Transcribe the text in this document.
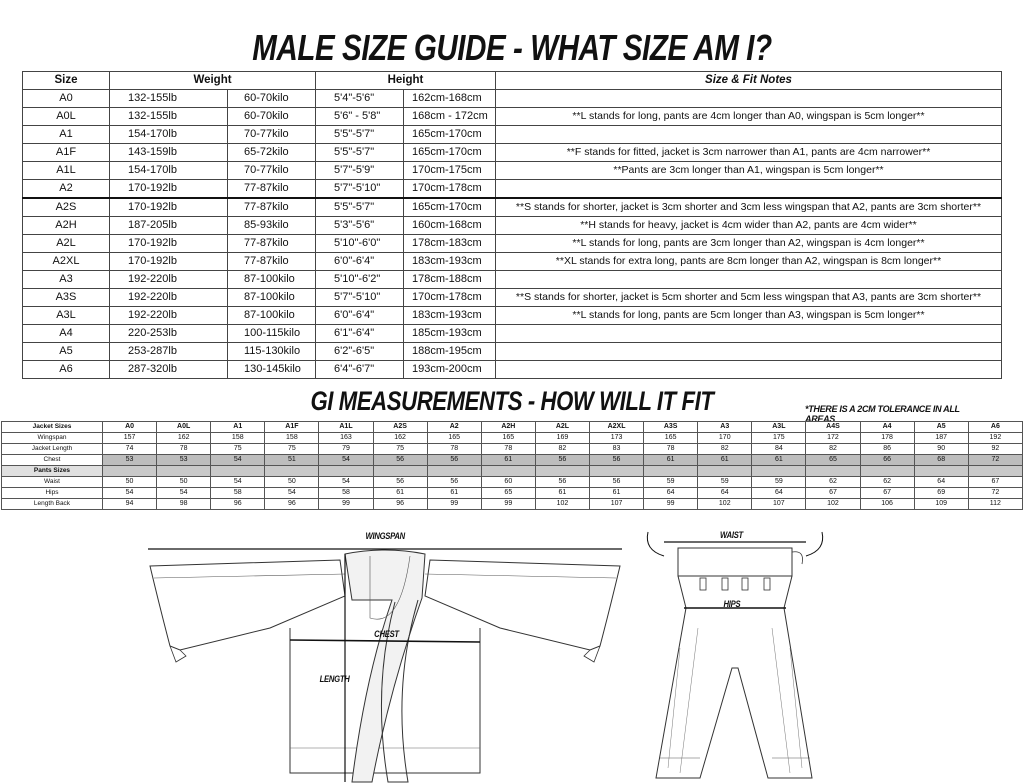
MALE SIZE GUIDE - WHAT SIZE AM I?
Size	Weight		Height		Size & Fit Notes
A0	132-155lb	60-70kilo	5'4"-5'6"	162cm-168cm	
A0L	132-155lb	60-70kilo	5'6" - 5'8"	168cm - 172cm	**L stands for long, pants are 4cm longer than A0, wingspan is 5cm longer**
A1	154-170lb	70-77kilo	5'5"-5'7"	165cm-170cm	
A1F	143-159lb	65-72kilo	5'5"-5'7"	165cm-170cm	**F stands for fitted, jacket is 3cm narrower than A1, pants are 4cm narrower**
A1L	154-170lb	70-77kilo	5'7"-5'9"	170cm-175cm	**Pants are 3cm longer than A1, wingspan is 5cm longer**
A2	170-192lb	77-87kilo	5'7"-5'10"	170cm-178cm	
A2S	170-192lb	77-87kilo	5'5"-5'7"	165cm-170cm	**S stands for shorter, jacket is 3cm shorter and 3cm less wingspan that A2, pants are 3cm shorter**
A2H	187-205lb	85-93kilo	5'3"-5'6"	160cm-168cm	**H stands for heavy, jacket is 4cm wider than A2, pants are 4cm wider**
A2L	170-192lb	77-87kilo	5'10"-6'0"	178cm-183cm	**L stands for long, pants are 3cm longer than A2, wingspan is 4cm longer**
A2XL	170-192lb	77-87kilo	6'0"-6'4"	183cm-193cm	**XL stands for extra long, pants are 8cm longer than A2, wingspan is 8cm longer**
A3	192-220lb	87-100kilo	5'10"-6'2"	178cm-188cm	
A3S	192-220lb	87-100kilo	5'7"-5'10"	170cm-178cm	**S stands for shorter, jacket is 5cm shorter and 5cm less wingspan that A3, pants are 3cm shorter**
A3L	192-220lb	87-100kilo	6'0"-6'4"	183cm-193cm	**L stands for long, pants are 5cm longer than A3, wingspan is 5cm longer**
A4	220-253lb	100-115kilo	6'1"-6'4"	185cm-193cm	
A5	253-287lb	115-130kilo	6'2"-6'5"	188cm-195cm	
A6	287-320lb	130-145kilo	6'4"-6'7"	193cm-200cm	
GI MEASUREMENTS - HOW WILL IT FIT	*THERE IS A 2CM TOLERANCE IN ALL AREAS
Jacket Sizes	A0	A0L	A1	A1F	A1L	A2S	A2	A2H	A2L	A2XL	A3S	A3	A3L	A4S	A4	A5	A6
Wingspan	157	162	158	158	163	162	165	165	169	173	165	170	175	172	178	187	192
Jacket Length	74	78	75	75	79	75	78	78	82	83	78	82	84	82	86	90	92
Chest	53	53	54	51	54	56	56	61	56	56	61	61	61	65	66	68	72
Pants Sizes																	
Waist	50	50	54	50	54	56	56	60	56	56	59	59	59	62	62	64	67
Hips	54	54	58	54	58	61	61	65	61	61	64	64	64	67	67	69	72
Length Back	94	98	96	96	99	96	99	99	102	107	99	102	107	102	106	109	112
WINGSPAN
CHEST
LENGTH
WAIST
HIPS
